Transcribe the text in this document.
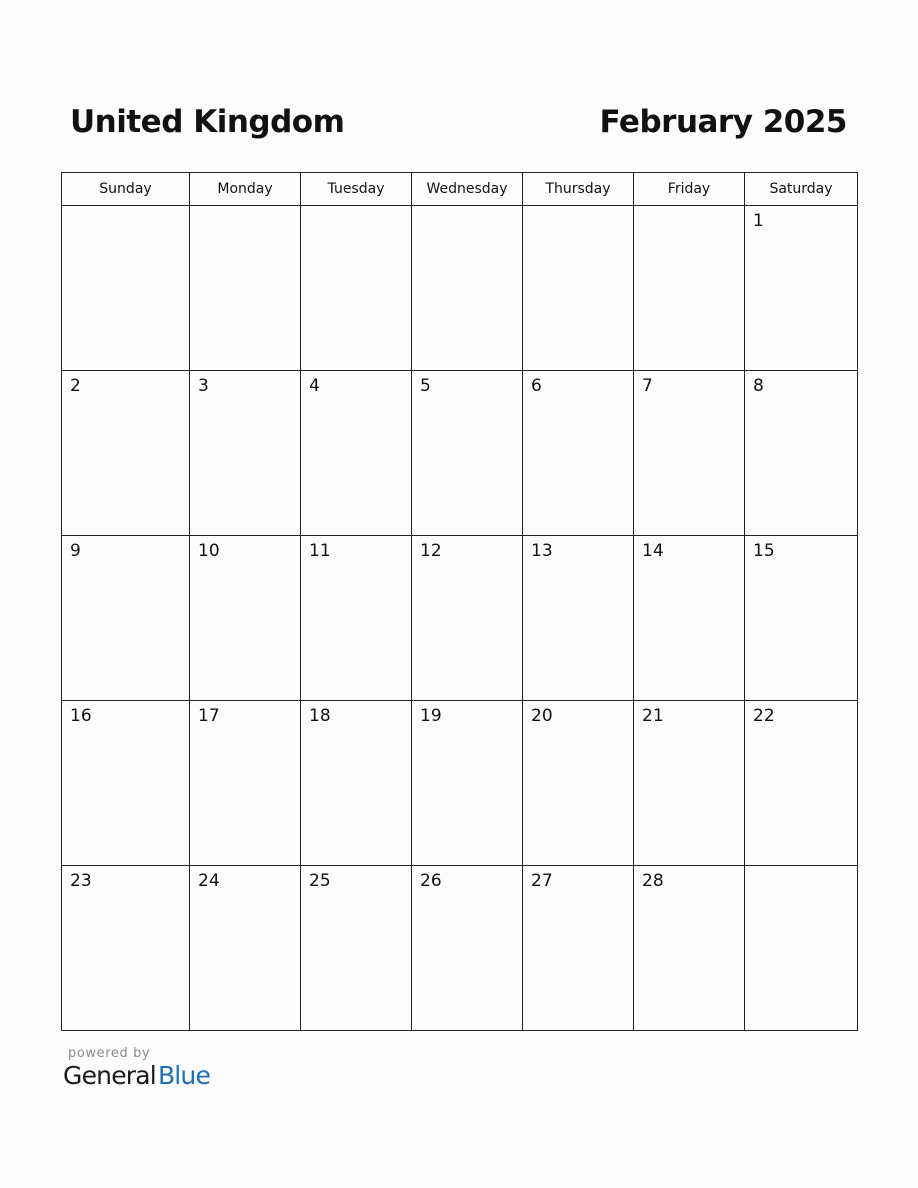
United Kingdom	February 2025
Sunday	Monday	Tuesday	Wednesday	Thursday	Friday	Saturday

						1

2	3	4	5	6	7	8

9	10	11	12	13	14	15

16	17	18	19	20	21	22

23	24	25	26	27	28	

powered by
GeneralBlue
